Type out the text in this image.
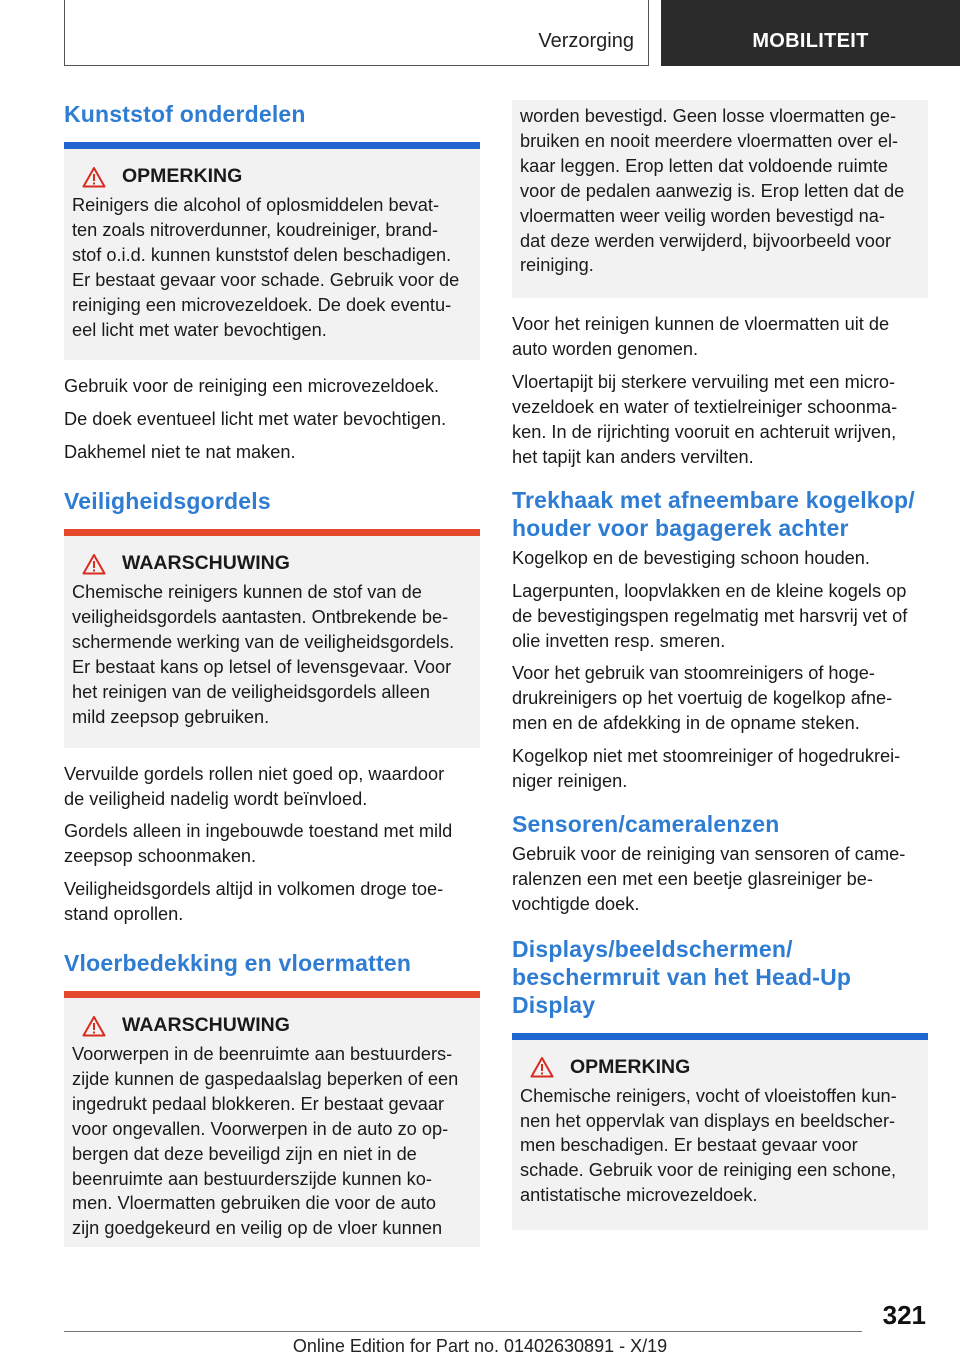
Verzorging	MOBILITEIT
Kunststof onderdelen
OPMERKING
Reinigers die alcohol of oplosmiddelen bevat‐
ten zoals nitroverdunner, koudreiniger, brand‐
stof o.i.d. kunnen kunststof delen beschadigen.
Er bestaat gevaar voor schade. Gebruik voor de
reiniging een microvezeldoek. De doek eventu‐
eel licht met water bevochtigen.

Gebruik voor de reiniging een microvezeldoek.

De doek eventueel licht met water bevochtigen.

Dakhemel niet te nat maken.

Veiligheidsgordels
WAARSCHUWING
Chemische reinigers kunnen de stof van de
veiligheidsgordels aantasten. Ontbrekende be‐
schermende werking van de veiligheidsgordels.
Er bestaat kans op letsel of levensgevaar. Voor
het reinigen van de veiligheidsgordels alleen
mild zeepsop gebruiken.

Vervuilde gordels rollen niet goed op, waardoor
de veiligheid nadelig wordt beïnvloed.

Gordels alleen in ingebouwde toestand met mild
zeepsop schoonmaken.

Veiligheidsgordels altijd in volkomen droge toe‐
stand oprollen.

Vloerbedekking en vloermatten
WAARSCHUWING
Voorwerpen in de beenruimte aan bestuurders‐
zijde kunnen de gaspedaalslag beperken of een
ingedrukt pedaal blokkeren. Er bestaat gevaar
voor ongevallen. Voorwerpen in de auto zo op‐
bergen dat deze beveiligd zijn en niet in de
beenruimte aan bestuurderszijde kunnen ko‐
men. Vloermatten gebruiken die voor de auto
zijn goedgekeurd en veilig op de vloer kunnen
worden bevestigd. Geen losse vloermatten ge‐
bruiken en nooit meerdere vloermatten over el‐
kaar leggen. Erop letten dat voldoende ruimte
voor de pedalen aanwezig is. Erop letten dat de
vloermatten weer veilig worden bevestigd na‐
dat deze werden verwijderd, bijvoorbeeld voor
reiniging.

Voor het reinigen kunnen de vloermatten uit de
auto worden genomen.

Vloertapijt bij sterkere vervuiling met een micro‐
vezeldoek en water of textielreiniger schoonma‐
ken. In de rijrichting vooruit en achteruit wrijven,
het tapijt kan anders vervilten.

Trekhaak met afneembare kogelkop/
houder voor bagagerek achter

Kogelkop en de bevestiging schoon houden.

Lagerpunten, loopvlakken en de kleine kogels op
de bevestigingspen regelmatig met harsvrij vet of
olie invetten resp. smeren.

Voor het gebruik van stoomreinigers of hoge‐
drukreinigers op het voertuig de kogelkop afne‐
men en de afdekking in de opname steken.

Kogelkop niet met stoomreiniger of hogedrukrei‐
niger reinigen.

Sensoren/cameralenzen

Gebruik voor de reiniging van sensoren of came‐
ralenzen een met een beetje glasreiniger be‐
vochtigde doek.

Displays/beeldschermen/
beschermruit van het Head-Up
Display
OPMERKING
Chemische reinigers, vocht of vloeistoffen kun‐
nen het oppervlak van displays en beeldscher‐
men beschadigen. Er bestaat gevaar voor
schade. Gebruik voor de reiniging een schone,
antistatische microvezeldoek.
321
Online Edition for Part no. 01402630891 - X/19
